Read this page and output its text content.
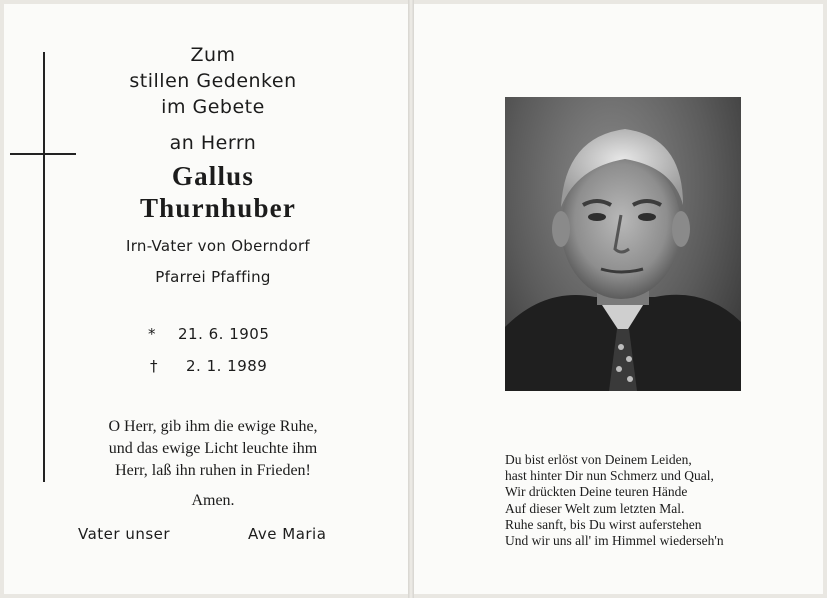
Zum
stillen Gedenken
im Gebete
an Herrn
Gallus
Thurnhuber
Irn-Vater von Oberndorf
Pfarrei Pfaffing
*	21. 6. 1905
†	2. 1. 1989
O Herr, gib ihm die ewige Ruhe,
und das ewige Licht leuchte ihm
Herr, laß ihn ruhen in Frieden!
Amen.
Vater unser	Ave Maria
Du bist erlöst von Deinem Leiden,
hast hinter Dir nun Schmerz und Qual,
Wir drückten Deine teuren Hände
Auf dieser Welt zum letzten Mal.
Ruhe sanft, bis Du wirst auferstehen
Und wir uns all' im Himmel wiederseh'n
